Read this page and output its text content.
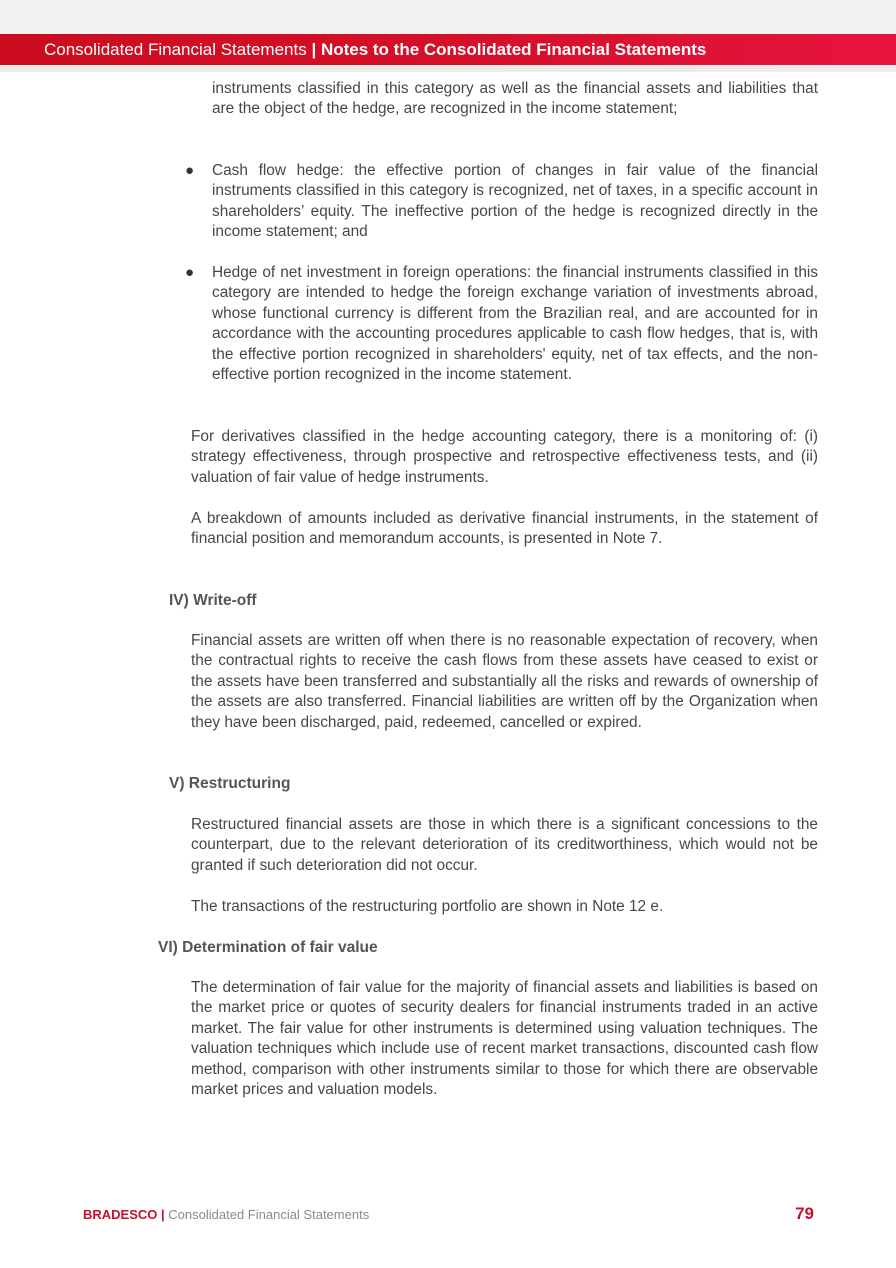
Consolidated Financial Statements | Notes to the Consolidated Financial Statements

instruments classified in this category as well as the financial assets and liabilities that are the object of the hedge, are recognized in the income statement;

● Cash flow hedge: the effective portion of changes in fair value of the financial instruments classified in this category is recognized, net of taxes, in a specific account in shareholders’ equity. The ineffective portion of the hedge is recognized directly in the income statement; and

● Hedge of net investment in foreign operations: the financial instruments classified in this category are intended to hedge the foreign exchange variation of investments abroad, whose functional currency is different from the Brazilian real, and are accounted for in accordance with the accounting procedures applicable to cash flow hedges, that is, with the effective portion recognized in shareholders' equity, net of tax effects, and the non-effective portion recognized in the income statement.

For derivatives classified in the hedge accounting category, there is a monitoring of: (i) strategy effectiveness, through prospective and retrospective effectiveness tests, and (ii) valuation of fair value of hedge instruments.

A breakdown of amounts included as derivative financial instruments, in the statement of financial position and memorandum accounts, is presented in Note 7.

IV) Write-off

Financial assets are written off when there is no reasonable expectation of recovery, when the contractual rights to receive the cash flows from these assets have ceased to exist or the assets have been transferred and substantially all the risks and rewards of ownership of the assets are also transferred. Financial liabilities are written off by the Organization when they have been discharged, paid, redeemed, cancelled or expired.

V) Restructuring

Restructured financial assets are those in which there is a significant concessions to the counterpart, due to the relevant deterioration of its creditworthiness, which would not be granted if such deterioration did not occur.

The transactions of the restructuring portfolio are shown in Note 12 e.

VI) Determination of fair value

The determination of fair value for the majority of financial assets and liabilities is based on the market price or quotes of security dealers for financial instruments traded in an active market. The fair value for other instruments is determined using valuation techniques. The valuation techniques which include use of recent market transactions, discounted cash flow method, comparison with other instruments similar to those for which there are observable market prices and valuation models.

BRADESCO | Consolidated Financial Statements	79
